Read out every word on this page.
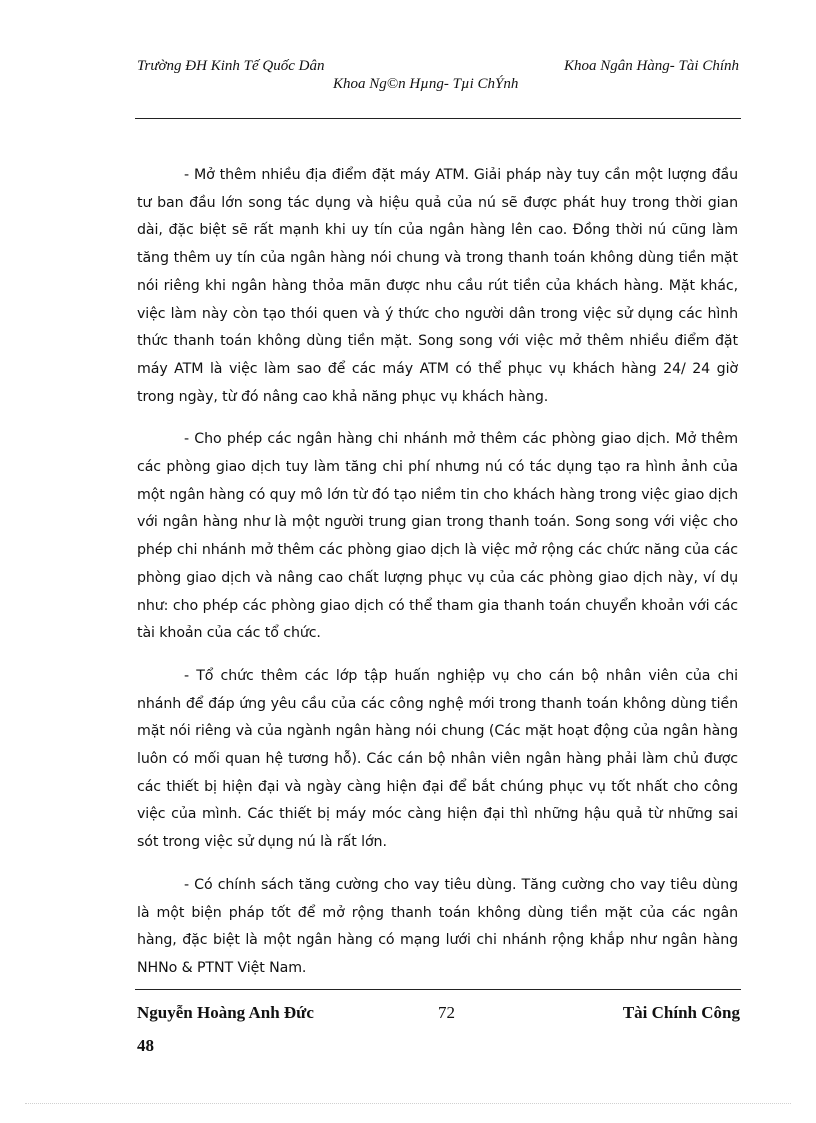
Trường ĐH Kinh Tế Quốc Dân	Khoa Ngân Hàng- Tài Chính
Khoa Ng©n Hµng- Tµi ChÝnh

- Mở thêm nhiều địa điểm đặt máy ATM. Giải pháp này tuy cần một lượng đầu tư ban đầu lớn song tác dụng và hiệu quả của nú sẽ được phát huy trong thời gian dài, đặc biệt sẽ rất mạnh khi uy tín của ngân hàng lên cao. Đồng thời nú cũng làm tăng thêm uy tín của ngân hàng nói chung và trong thanh toán không dùng tiền mặt nói riêng khi ngân hàng thỏa mãn được nhu cầu rút tiền của khách hàng. Mặt khác, việc làm này còn tạo thói quen và ý thức cho người dân trong việc sử dụng các hình thức thanh toán không dùng tiền mặt. Song song với việc mở thêm nhiều điểm đặt máy ATM là việc làm sao để các máy ATM có thể phục vụ khách hàng 24/ 24 giờ trong ngày, từ đó nâng cao khả năng phục vụ khách hàng.

- Cho phép các ngân hàng chi nhánh mở thêm các phòng giao dịch. Mở thêm các phòng giao dịch tuy làm tăng chi phí nhưng nú có tác dụng tạo ra hình ảnh của một ngân hàng có quy mô lớn từ đó tạo niềm tin cho khách hàng trong việc giao dịch với ngân hàng như là một người trung gian trong thanh toán. Song song với việc cho phép chi nhánh mở thêm các phòng giao dịch là việc mở rộng các chức năng của các phòng giao dịch và nâng cao chất lượng phục vụ của các phòng giao dịch này, ví dụ như: cho phép các phòng giao dịch có thể tham gia thanh toán chuyển khoản với các tài khoản của các tổ chức.

- Tổ chức thêm các lớp tập huấn nghiệp vụ cho cán bộ nhân viên của chi nhánh để đáp ứng yêu cầu của các công nghệ mới trong thanh toán không dùng tiền mặt nói riêng và của ngành ngân hàng nói chung (Các mặt hoạt động của ngân hàng luôn có mối quan hệ tương hỗ). Các cán bộ nhân viên ngân hàng phải làm chủ được các thiết bị hiện đại và ngày càng hiện đại để bắt chúng phục vụ tốt nhất cho công việc của mình. Các thiết bị máy móc càng hiện đại thì những hậu quả từ những sai sót trong việc sử dụng nú là rất lớn.

- Có chính sách tăng cường cho vay tiêu dùng. Tăng cường cho vay tiêu dùng là một biện pháp tốt để mở rộng thanh toán không dùng tiền mặt của các ngân hàng, đặc biệt là một ngân hàng có mạng lưới chi nhánh rộng khắp như ngân hàng NHNo & PTNT Việt Nam.

Nguyễn Hoàng Anh Đức	72	Tài Chính Công
48
